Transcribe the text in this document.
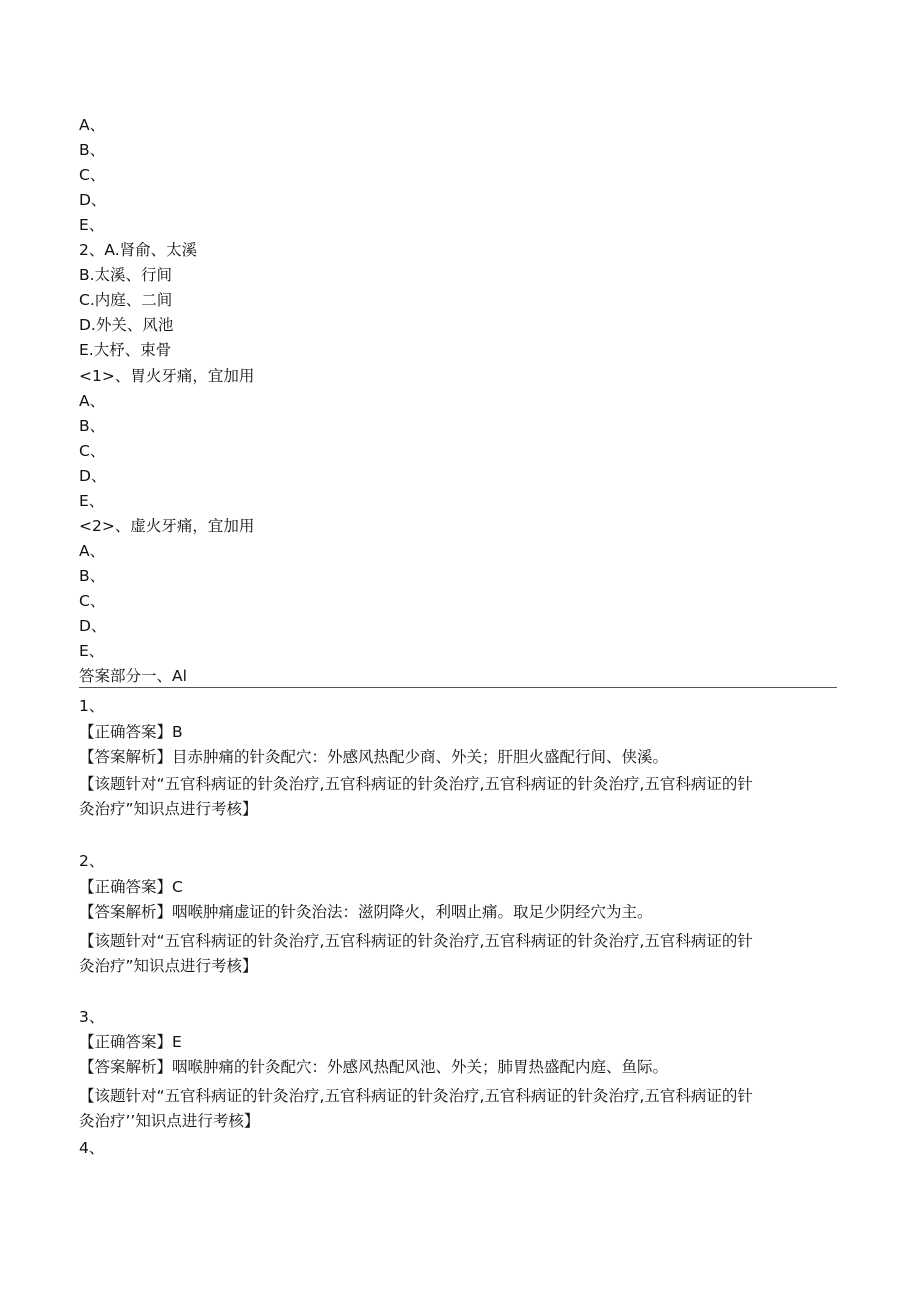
A、
B、
C、
D、
E、
2、A.肾俞、太溪
B.太溪、行间
C.内庭、二间
D.外关、风池
E.大杼、束骨
<1>、胃火牙痛，宜加用
A、
B、
C、
D、
E、
<2>、虚火牙痛，宜加用
A、
B、
C、
D、
E、
答案部分一、Al
1、
【正确答案】B
【答案解析】目赤肿痛的针灸配穴：外感风热配少商、外关；肝胆火盛配行间、侠溪。
【该题针对“五官科病证的针灸治疗,五官科病证的针灸治疗,五官科病证的针灸治疗,五官科病证的针
灸治疗”知识点进行考核】
2、
【正确答案】C
【答案解析】咽喉肿痛虚证的针灸治法：滋阴降火，利咽止痛。取足少阴经穴为主。
【该题针对“五官科病证的针灸治疗,五官科病证的针灸治疗,五官科病证的针灸治疗,五官科病证的针
灸治疗”知识点进行考核】
3、
【正确答案】E
【答案解析】咽喉肿痛的针灸配穴：外感风热配风池、外关；肺胃热盛配内庭、鱼际。
【该题针对“五官科病证的针灸治疗,五官科病证的针灸治疗,五官科病证的针灸治疗,五官科病证的针
灸治疗’’知识点进行考核】
4、
